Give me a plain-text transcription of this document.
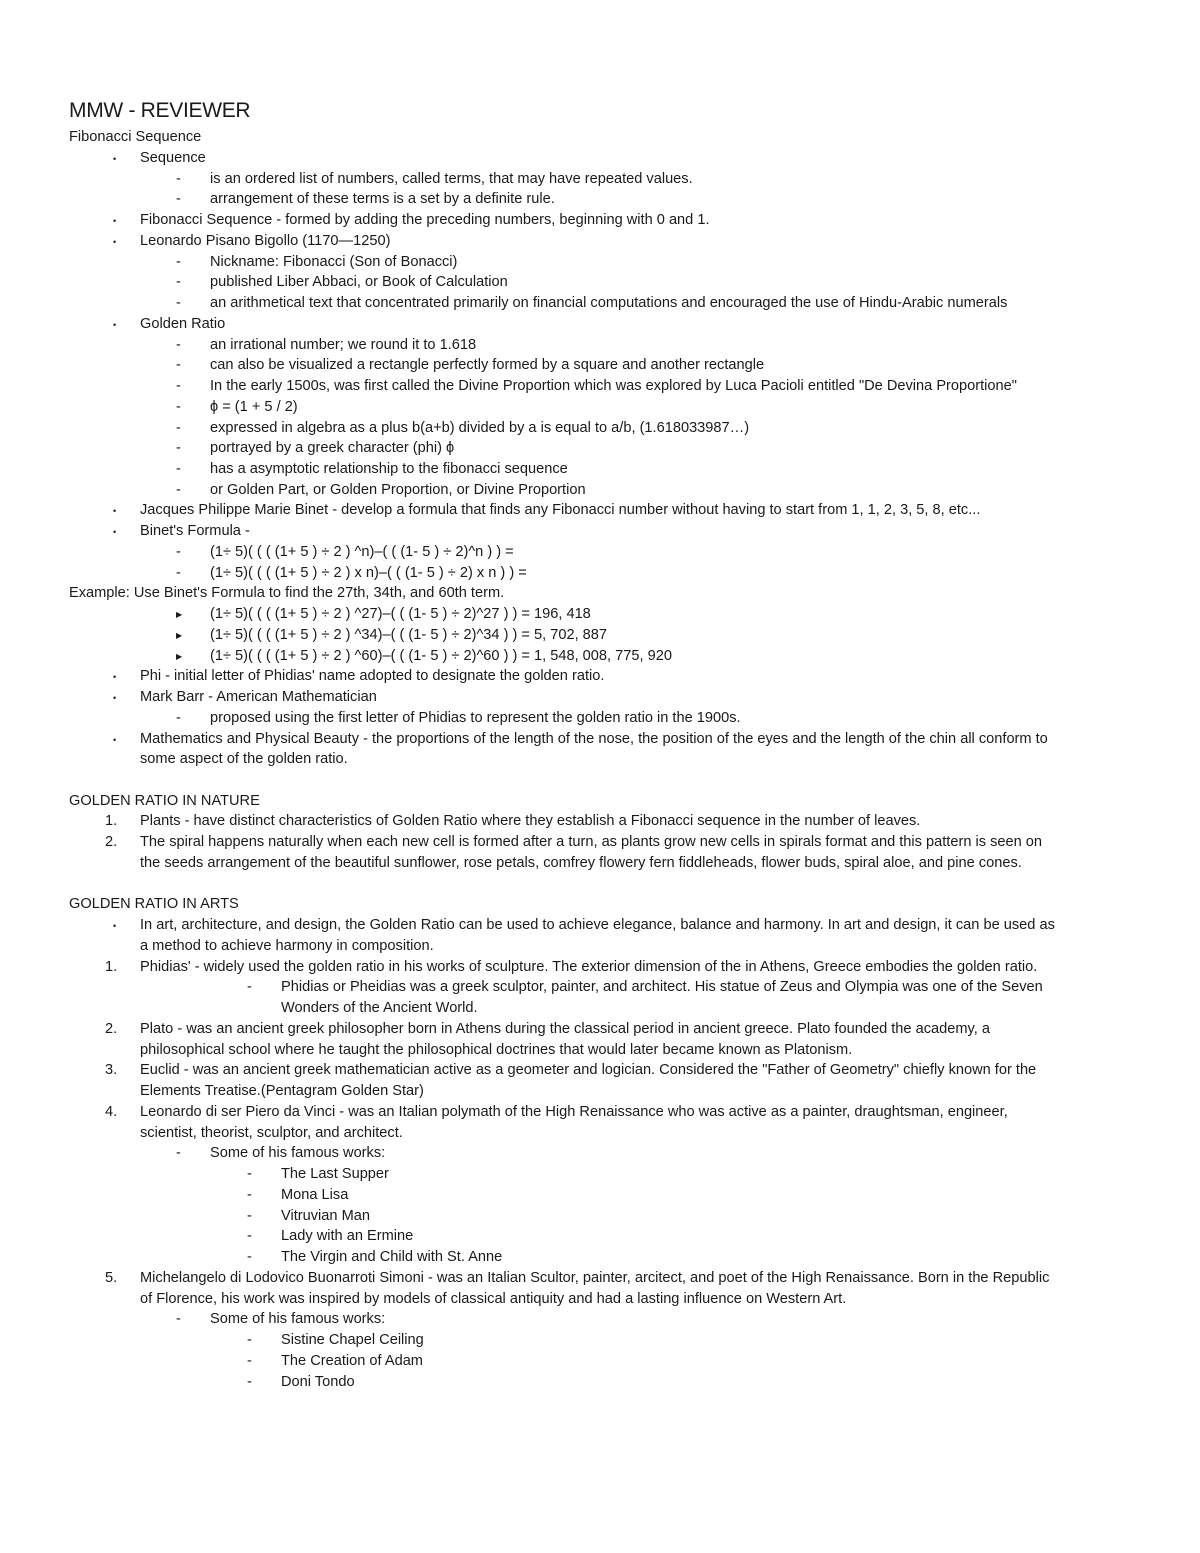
MMW - REVIEWER
Fibonacci Sequence
• Sequence
- is an ordered list of numbers, called terms, that may have repeated values.
- arrangement of these terms is a set by a definite rule.
• Fibonacci Sequence - formed by adding the preceding numbers, beginning with 0 and 1.
• Leonardo Pisano Bigollo (1170—1250)
- Nickname: Fibonacci (Son of Bonacci)
- published Liber Abbaci, or Book of Calculation
- an arithmetical text that concentrated primarily on financial computations and encouraged the use of Hindu-Arabic numerals
• Golden Ratio
- an irrational number; we round it to 1.618
- can also be visualized a rectangle perfectly formed by a square and another rectangle
- In the early 1500s, was first called the Divine Proportion which was explored by Luca Pacioli entitled "De Devina Proportione"
- ϕ = (1 + 5 / 2)
- expressed in algebra as a plus b(a+b) divided by a is equal to a/b, (1.618033987…)
- portrayed by a greek character (phi) ϕ
- has a asymptotic relationship to the fibonacci sequence
- or Golden Part, or Golden Proportion, or Divine Proportion
• Jacques Philippe Marie Binet - develop a formula that finds any Fibonacci number without having to start from 1, 1, 2, 3, 5, 8, etc...
• Binet's Formula -
- (1÷ 5)( ( ( (1+ 5 ) ÷ 2 ) ^n)–( ( (1- 5 ) ÷ 2)^n ) ) =
- (1÷ 5)( ( ( (1+ 5 ) ÷ 2 ) x n)–( ( (1- 5 ) ÷ 2) x n ) ) =
Example: Use Binet's Formula to find the 27th, 34th, and 60th term.
▶ (1÷ 5)( ( ( (1+ 5 ) ÷ 2 ) ^27)–( ( (1- 5 ) ÷ 2)^27 ) ) = 196, 418
▶ (1÷ 5)( ( ( (1+ 5 ) ÷ 2 ) ^34)–( ( (1- 5 ) ÷ 2)^34 ) ) = 5, 702, 887
▶ (1÷ 5)( ( ( (1+ 5 ) ÷ 2 ) ^60)–( ( (1- 5 ) ÷ 2)^60 ) ) = 1, 548, 008, 775, 920
• Phi - initial letter of Phidias' name adopted to designate the golden ratio.
• Mark Barr - American Mathematician
- proposed using the first letter of Phidias to represent the golden ratio in the 1900s.
• Mathematics and Physical Beauty - the proportions of the length of the nose, the position of the eyes and the length of the chin all conform to
some aspect of the golden ratio.
GOLDEN RATIO IN NATURE
1. Plants - have distinct characteristics of Golden Ratio where they establish a Fibonacci sequence in the number of leaves.
2. The spiral happens naturally when each new cell is formed after a turn, as plants grow new cells in spirals format and this pattern is seen on
the seeds arrangement of the beautiful sunflower, rose petals, comfrey flowery fern fiddleheads, flower buds, spiral aloe, and pine cones.
GOLDEN RATIO IN ARTS
• In art, architecture, and design, the Golden Ratio can be used to achieve elegance, balance and harmony. In art and design, it can be used as
a method to achieve harmony in composition.
1. Phidias' - widely used the golden ratio in his works of sculpture. The exterior dimension of the in Athens, Greece embodies the golden ratio.
- Phidias or Pheidias was a greek sculptor, painter, and architect. His statue of Zeus and Olympia was one of the Seven
Wonders of the Ancient World.
2. Plato - was an ancient greek philosopher born in Athens during the classical period in ancient greece. Plato founded the academy, a
philosophical school where he taught the philosophical doctrines that would later became known as Platonism.
3. Euclid - was an ancient greek mathematician active as a geometer and logician. Considered the "Father of Geometry" chiefly known for the
Elements Treatise.(Pentagram Golden Star)
4. Leonardo di ser Piero da Vinci - was an Italian polymath of the High Renaissance who was active as a painter, draughtsman, engineer,
scientist, theorist, sculptor, and architect.
- Some of his famous works:
- The Last Supper
- Mona Lisa
- Vitruvian Man
- Lady with an Ermine
- The Virgin and Child with St. Anne
5. Michelangelo di Lodovico Buonarroti Simoni - was an Italian Scultor, painter, arcitect, and poet of the High Renaissance. Born in the Republic
of Florence, his work was inspired by models of classical antiquity and had a lasting influence on Western Art.
- Some of his famous works:
- Sistine Chapel Ceiling
- The Creation of Adam
- Doni Tondo
